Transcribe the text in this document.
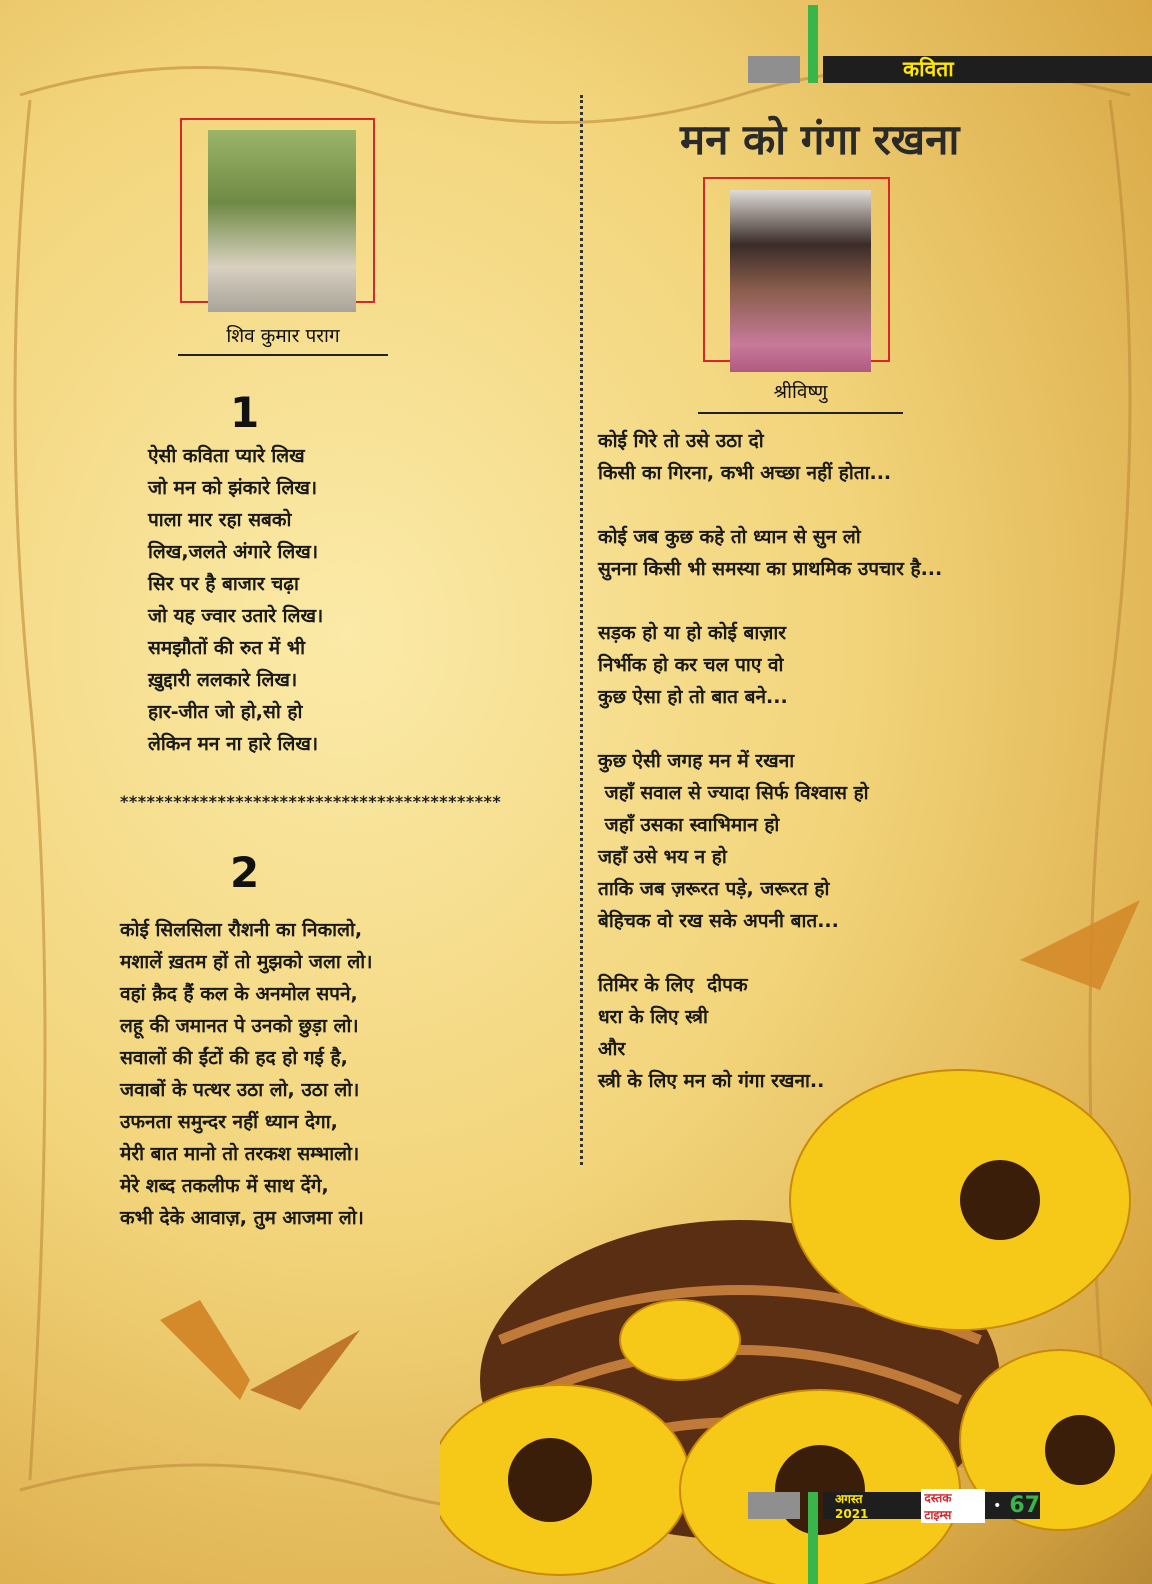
कविता
शिव कुमार पराग
1
ऐसी कविता प्यारे लिख
जो मन को झंकारे लिख।
पाला मार रहा सबको
लिख,जलते अंगारे लिख।
सिर पर है बाजार चढ़ा
जो यह ज्वार उतारे लिख।
समझौतों की रुत में भी
ख़ुद्दारी ललकारे लिख।
हार-जीत जो हो,सो हो
लेकिन मन ना हारे लिख।
*******************************************
2
कोई सिलसिला रौशनी का निकालो,
मशालें ख़तम हों तो मुझको जला लो।
वहां क़ैद हैं कल के अनमोल सपने,
लहू की जमानत पे उनको छुड़ा लो।
सवालों की ईंटों की हद हो गई है,
जवाबों के पत्थर उठा लो, उठा लो।
उफनता समुन्दर नहीं ध्यान देगा,
मेरी बात मानो तो तरकश सम्भालो।
मेरे शब्द तकलीफ में साथ देंगे,
कभी देके आवाज़, तुम आजमा लो।
मन को गंगा रखना
श्रीविष्णु
कोई गिरे तो उसे उठा दो
किसी का गिरना, कभी अच्छा नहीं होता...
कोई जब कुछ कहे तो ध्यान से सुन लो
सुनना किसी भी समस्या का प्राथमिक उपचार है...
सड़क हो या हो कोई बाज़ार
निर्भीक हो कर चल पाए वो
कुछ ऐसा हो तो बात बने...
कुछ ऐसी जगह मन में रखना
जहाँ सवाल से ज्यादा सिर्फ विश्वास हो
जहाँ उसका स्वाभिमान हो
जहाँ उसे भय न हो
ताकि जब ज़रूरत पड़े, जरूरत हो
बेहिचक वो रख सके अपनी बात...
तिमिर के लिए  दीपक
धरा के लिए स्त्री
और
स्त्री के लिए मन को गंगा रखना..
अगस्त 2021
दस्तक टाइम्स
• 67
